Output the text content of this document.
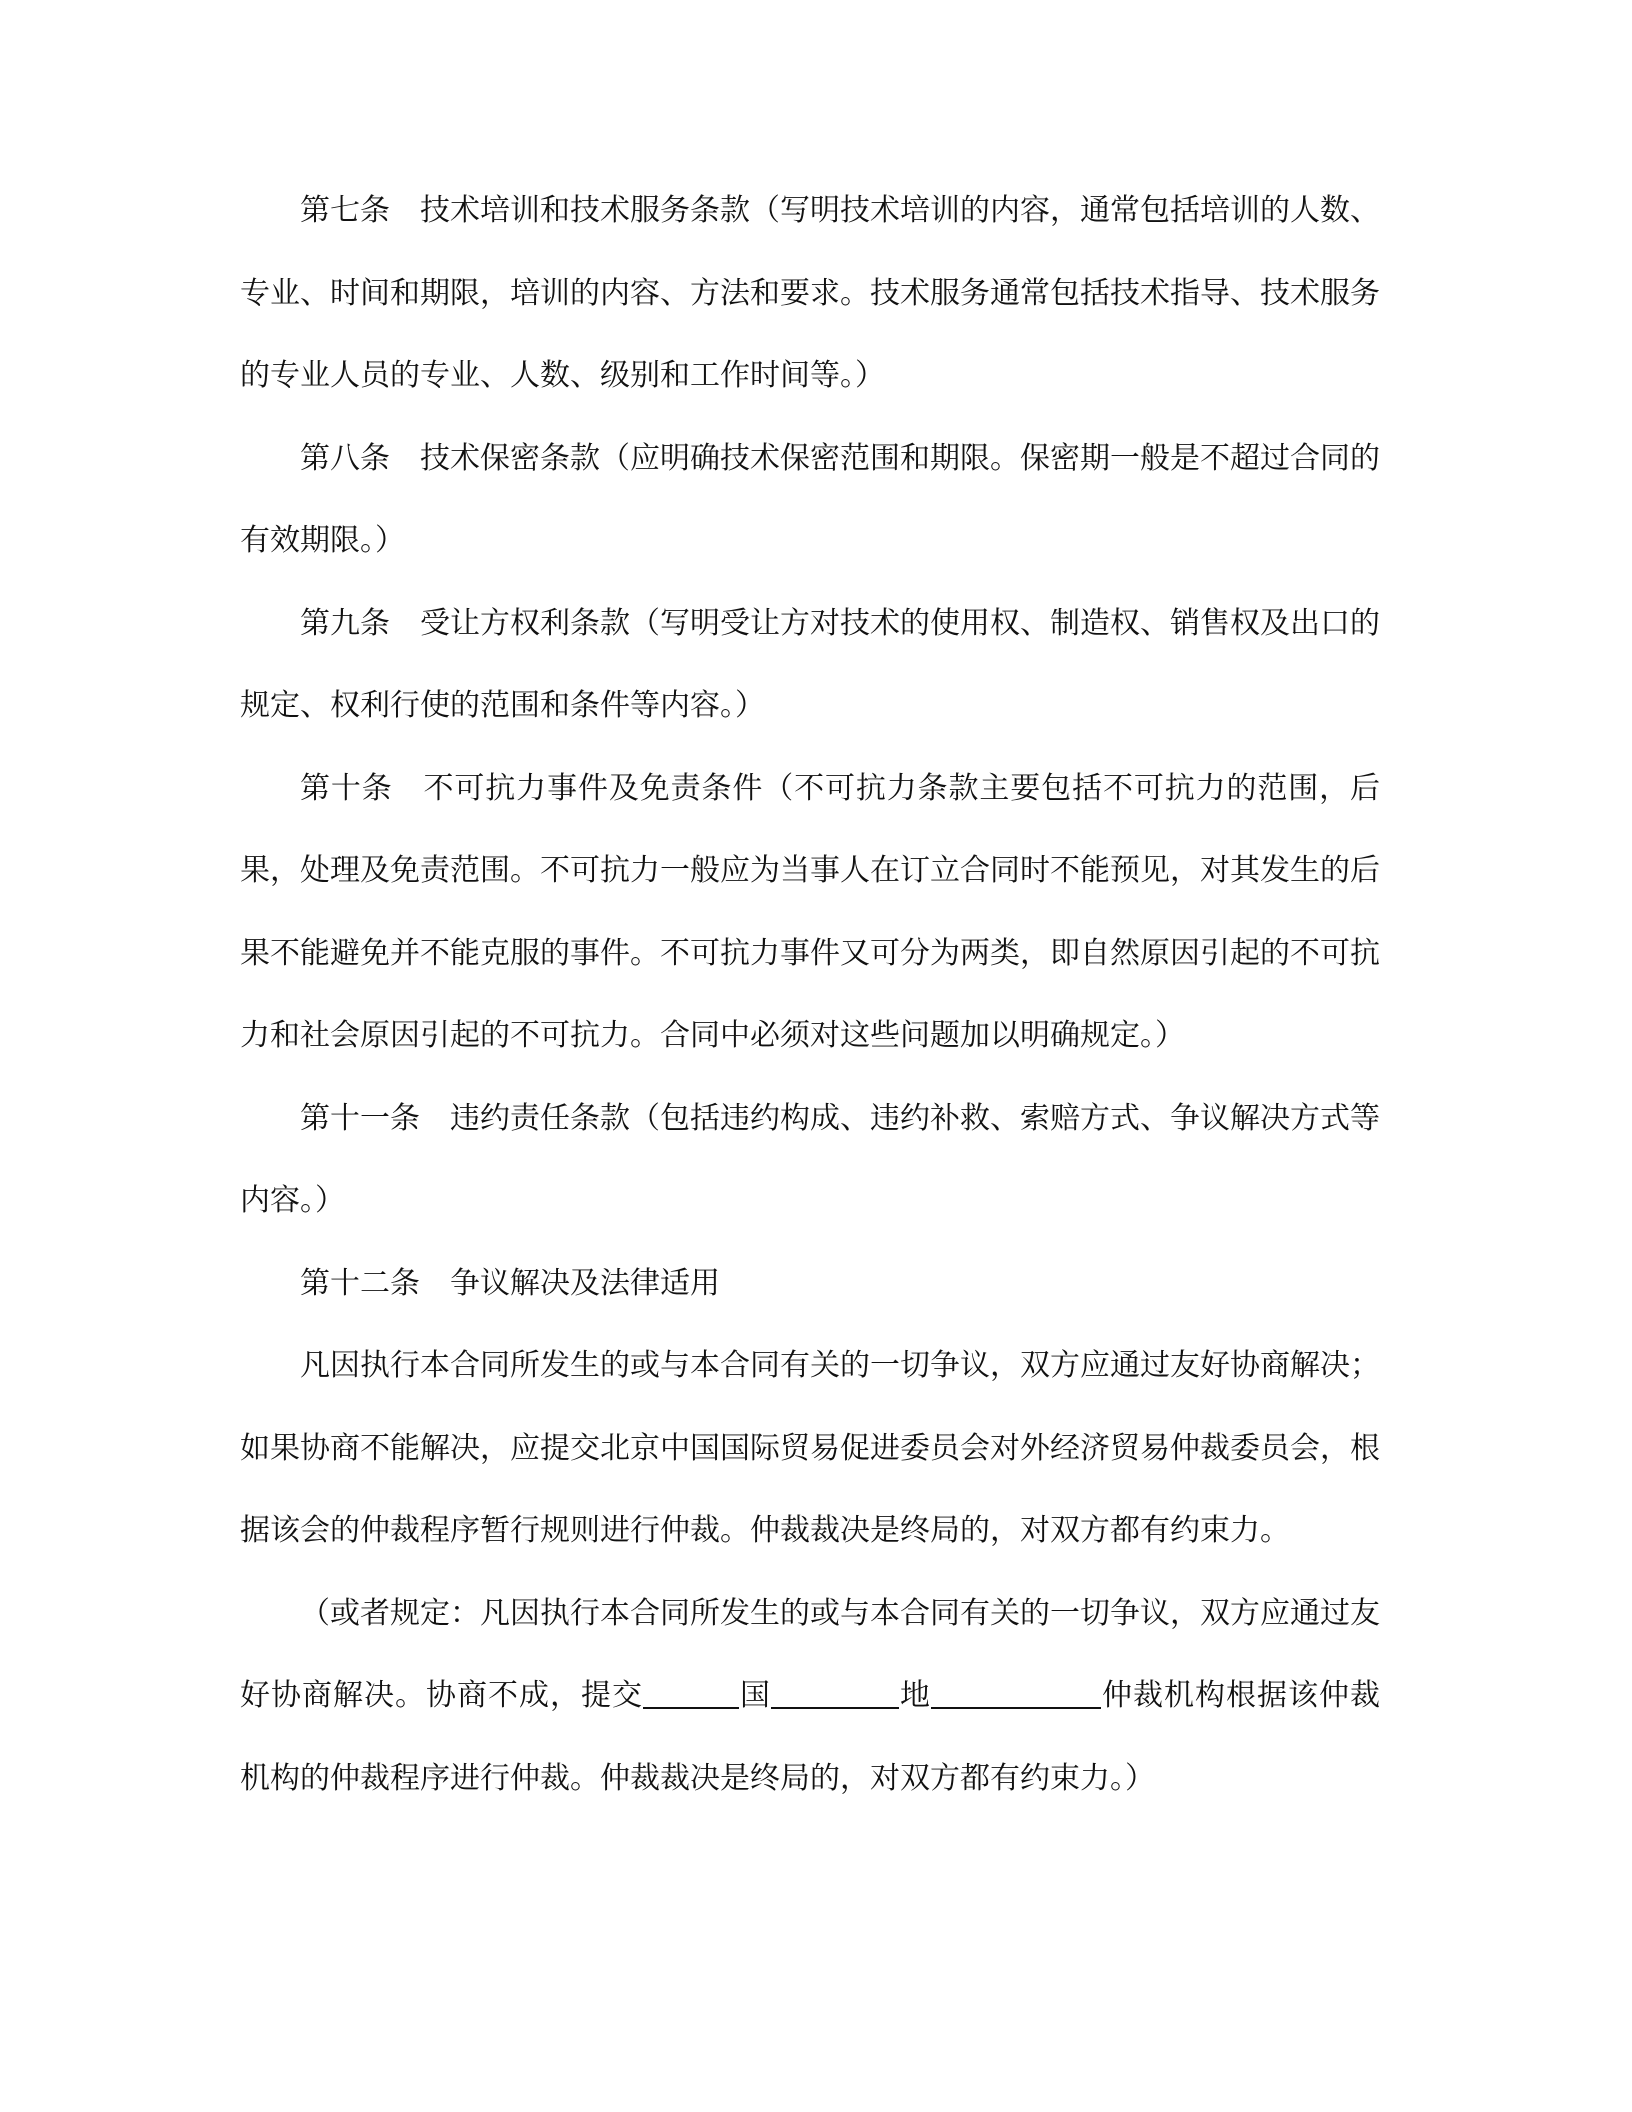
第七条 技术培训和技术服务条款（写明技术培训的内容，通常包括培训的人数、专业、时间和期限，培训的内容、方法和要求。技术服务通常包括技术指导、技术服务的专业人员的专业、人数、级别和工作时间等。）

第八条 技术保密条款（应明确技术保密范围和期限。保密期一般是不超过合同的有效期限。）

第九条 受让方权利条款（写明受让方对技术的使用权、制造权、销售权及出口的规定、权利行使的范围和条件等内容。）

第十条 不可抗力事件及免责条件（不可抗力条款主要包括不可抗力的范围，后果，处理及免责范围。不可抗力一般应为当事人在订立合同时不能预见，对其发生的后果不能避免并不能克服的事件。不可抗力事件又可分为两类，即自然原因引起的不可抗力和社会原因引起的不可抗力。合同中必须对这些问题加以明确规定。）

第十一条 违约责任条款（包括违约构成、违约补救、索赔方式、争议解决方式等内容。）

第十二条 争议解决及法律适用

凡因执行本合同所发生的或与本合同有关的一切争议，双方应通过友好协商解决；如果协商不能解决，应提交北京中国国际贸易促进委员会对外经济贸易仲裁委员会，根据该会的仲裁程序暂行规则进行仲裁。仲裁裁决是终局的，对双方都有约束力。

（或者规定：凡因执行本合同所发生的或与本合同有关的一切争议，双方应通过友好协商解决。协商不成，提交	国	地	仲裁机构根据该仲裁机构的仲裁程序进行仲裁。仲裁裁决是终局的，对双方都有约束力。）
